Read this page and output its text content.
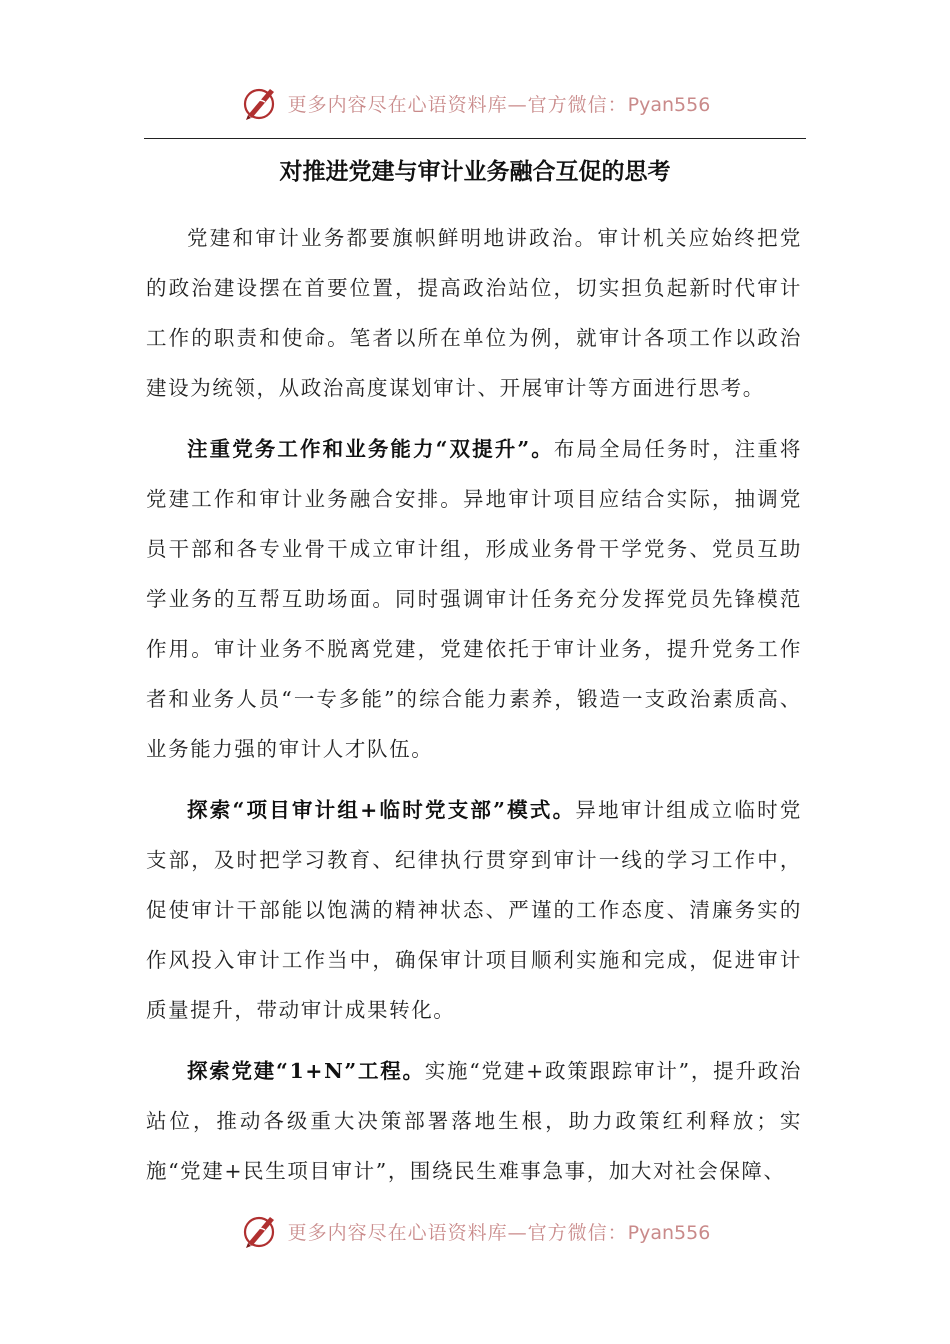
更多内容尽在心语资料库—官方微信：Pyan556
对推进党建与审计业务融合互促的思考

党建和审计业务都要旗帜鲜明地讲政治。审计机关应始终把党的政治建设摆在首要位置，提高政治站位，切实担负起新时代审计工作的职责和使命。笔者以所在单位为例，就审计各项工作以政治建设为统领，从政治高度谋划审计、开展审计等方面进行思考。

注重党务工作和业务能力“双提升”。布局全局任务时，注重将党建工作和审计业务融合安排。异地审计项目应结合实际，抽调党员干部和各专业骨干成立审计组，形成业务骨干学党务、党员互助学业务的互帮互助场面。同时强调审计任务充分发挥党员先锋模范作用。审计业务不脱离党建，党建依托于审计业务，提升党务工作者和业务人员“一专多能”的综合能力素养，锻造一支政治素质高、业务能力强的审计人才队伍。

探索“项目审计组+临时党支部”模式。异地审计组成立临时党支部，及时把学习教育、纪律执行贯穿到审计一线的学习工作中，促使审计干部能以饱满的精神状态、严谨的工作态度、清廉务实的作风投入审计工作当中，确保审计项目顺利实施和完成，促进审计质量提升，带动审计成果转化。

探索党建“1+N”工程。实施“党建+政策跟踪审计”，提升政治站位，推动各级重大决策部署落地生根，助力政策红利释放；实施“党建+民生项目审计”，围绕民生难事急事，加大对社会保障、

更多内容尽在心语资料库—官方微信：Pyan556
